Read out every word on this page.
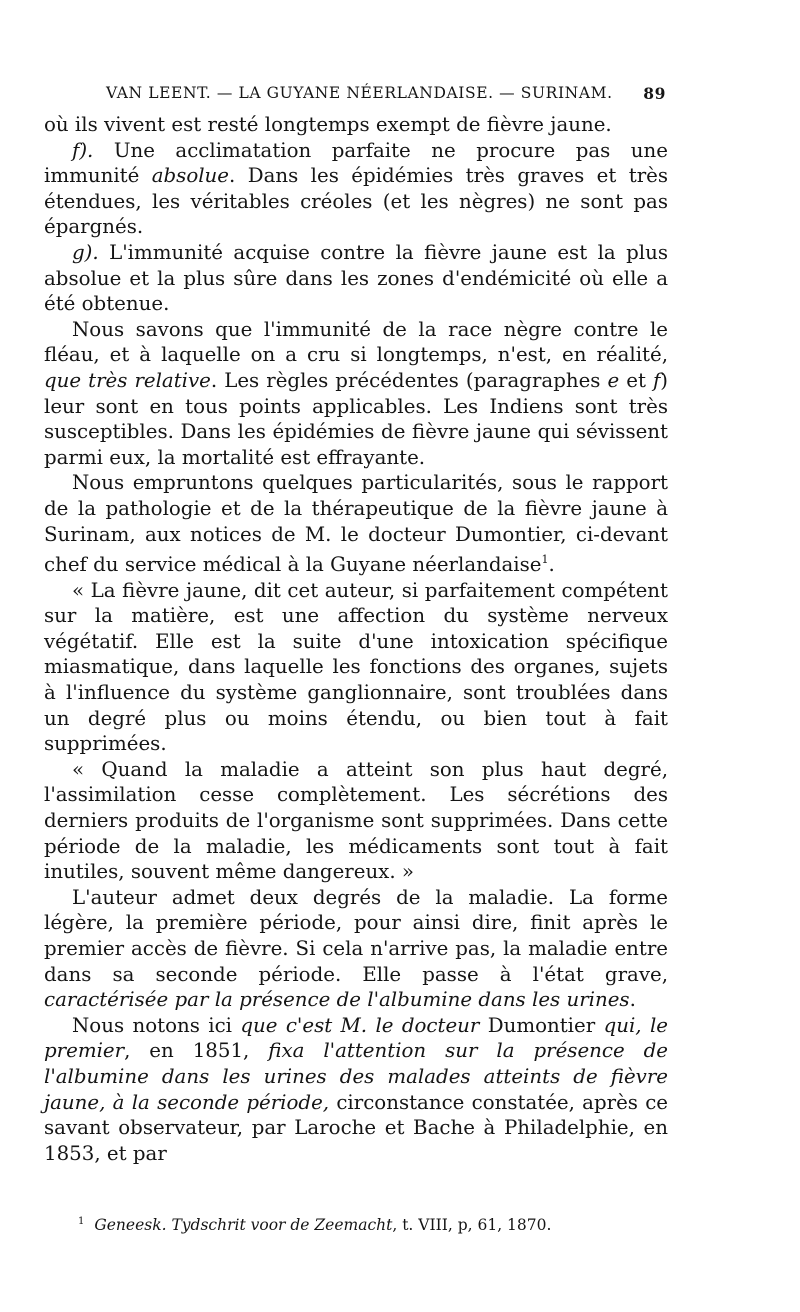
VAN LEENT. — LA GUYANE NÉERLANDAISE. — SURINAM. 89

où ils vivent est resté longtemps exempt de fièvre jaune.

f). Une acclimatation parfaite ne procure pas une immunité absolue. Dans les épidémies très graves et très étendues, les véritables créoles (et les nègres) ne sont pas épargnés.

g). L'immunité acquise contre la fièvre jaune est la plus absolue et la plus sûre dans les zones d'endémicité où elle a été obtenue.

Nous savons que l'immunité de la race nègre contre le fléau, et à laquelle on a cru si longtemps, n'est, en réalité, que très relative. Les règles précédentes (paragraphes e et f) leur sont en tous points applicables. Les Indiens sont très susceptibles. Dans les épidémies de fièvre jaune qui sévissent parmi eux, la mortalité est effrayante.

Nous empruntons quelques particularités, sous le rapport de la pathologie et de la thérapeutique de la fièvre jaune à Surinam, aux notices de M. le docteur Dumontier, ci-devant chef du service médical à la Guyane néerlandaise$^1$.

« La fièvre jaune, dit cet auteur, si parfaitement compétent sur la matière, est une affection du système nerveux végétatif. Elle est la suite d'une intoxication spécifique miasmatique, dans laquelle les fonctions des organes, sujets à l'influence du système ganglionnaire, sont troublées dans un degré plus ou moins étendu, ou bien tout à fait supprimées.

« Quand la maladie a atteint son plus haut degré, l'assimilation cesse complètement. Les sécrétions des derniers produits de l'organisme sont supprimées. Dans cette période de la maladie, les médicaments sont tout à fait inutiles, souvent même dangereux. »

L'auteur admet deux degrés de la maladie. La forme légère, la première période, pour ainsi dire, finit après le premier accès de fièvre. Si cela n'arrive pas, la maladie entre dans sa seconde période. Elle passe à l'état grave, caractérisée par la présence de l'albumine dans les urines.

Nous notons ici que c'est M. le docteur Dumontier qui, le premier, en 1851, fixa l'attention sur la présence de l'albumine dans les urines des malades atteints de fièvre jaune, à la seconde période, circonstance constatée, après ce savant observateur, par Laroche et Bache à Philadelphie, en 1853, et par

$^1$ Geneesk. Tydschrit voor de Zeemacht, t. VIII, p, 61, 1870.
